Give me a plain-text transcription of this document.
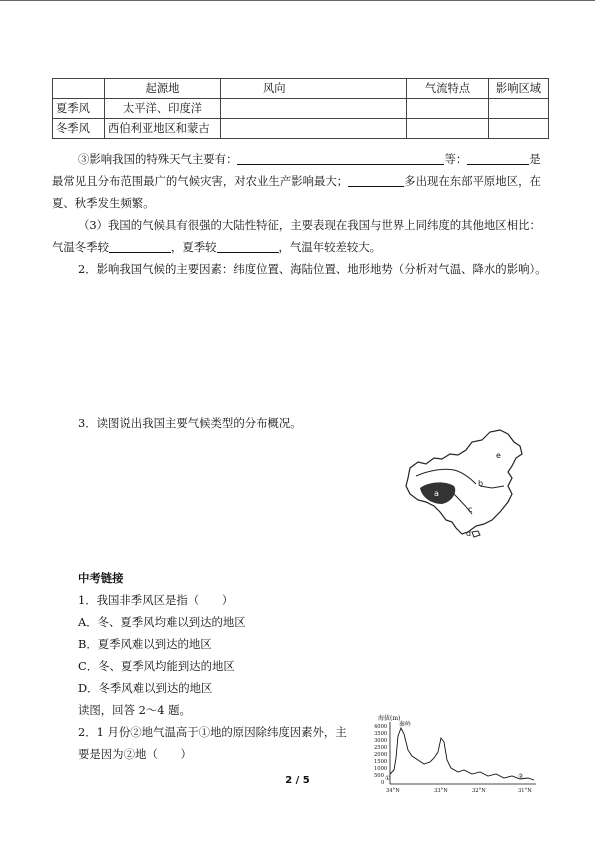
	起源地	风向	气流特点	影响区域
夏季风	太平洋、印度洋			
冬季风	西伯利亚地区和蒙古			
③影响我国的特殊天气主要有：	等：	是最常见且分布范围最广的气候灾害，对农业生产影响最大；	多出现在东部平原地区，在夏、秋季发生频繁。
（3）我国的气候具有很强的大陆性特征，主要表现在我国与世界上同纬度的其他地区相比：气温冬季较	，夏季较	，气温年较差较大。
2．影响我国气候的主要因素：纬度位置、海陆位置、地形地势（分析对气温、降水的影响）。
3．读图说出我国主要气候类型的分布概况。
a
b
c
d
e
中考链接
1．我国非季风区是指（　　）
A．冬、夏季风均难以到达的地区
B．夏季风难以到达的地区
C．冬、夏季风均能到达的地区
D．冬季风难以到达的地区
读图，回答 2～4 题。
2．1 月份②地气温高于①地的原因除纬度因素外，主
要是因为②地（　　）
海拔(m)
4000
3500
3000
2500
2000
1500
1000
500
0
秦岭
①	②
34°N	33°N	32°N	31°N
2 / 5
